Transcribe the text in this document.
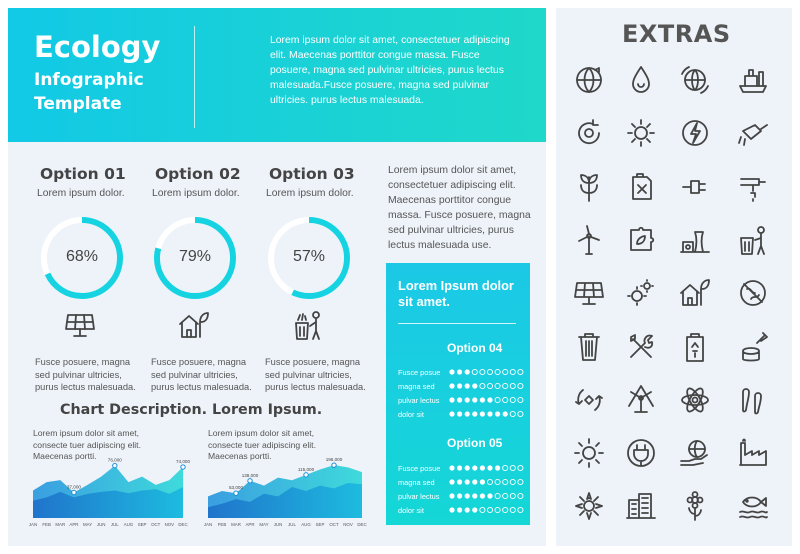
Ecology
Infographic
Template
Lorem ipsum dolor sit amet, consectetuer adipiscing elit. Maecenas porttitor congue massa. Fusce posuere, magna sed pulvinar ultricies, purus lectus malesuada.Fusce posuere, magna sed pulvinar ultricies. purus lectus malesuada.
Option 01
Lorem ipsum dolor.
Option 02
Lorem ipsum dolor.
Option 03
Lorem ipsum dolor.
68%	79%	57%
Fusce posuere, magna sed pulvinar ultricies, purus lectus malesuada.
Fusce posuere, magna sed pulvinar ultricies, purus lectus malesuada.
Fusce posuere, magna sed pulvinar ultricies, purus lectus malesuada.
Lorem ipsum dolor sit amet, consectetuer adipiscing elit. Maecenas porttitor congue massa. Fusce posuere, magna sed pulvinar ultricies, purus lectus malesuada use.
Lorem Ipsum dolor sit amet.
Option 04
Fusce posue
magna sed
pulvar lectus
dolor sit
Option 05
Fusce posue
magna sed
pulvar lectus
dolor sit
Chart Description. Lorem Ipsum.
Lorem ipsum dolor sit amet, consecte tuer adipiscing elit. Maecenas portti.
Lorem ipsum dolor sit amet, consecte tuer adipiscing elit. Maecenas portti.
37,000
76,000	74,000
JAN FEB MAR APR MAY JUN JUL AUG SEP OCT NOV DEC
53,000
138,000
115,000
196,000
JAN FEB MAR APR MAY JUN JUL AUG SEP OCT NOV DEC
EXTRAS
